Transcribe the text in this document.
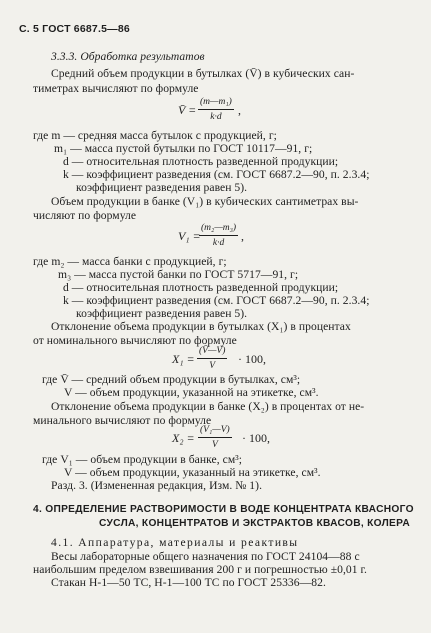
С. 5 ГОСТ 6687.5—86
3.3.3. Обработка результатов
Средний объем продукции в бутылках (V̄) в кубических сан-
тиметрах вычисляют по формуле
V̄ = $\frac{\text{(m—m₁)}}{k\cdot d}$ ,
где m — средняя масса бутылок с продукцией, г;
m₁ — масса пустой бутылки по ГОСТ 10117—91, г;
d — относительная плотность разведенной продукции;
k — коэффициент разведения (см. ГОСТ 6687.2—90, п. 2.3.4;
коэффициент разведения равен 5).
Объем продукции в банке (V₁) в кубических сантиметрах вы-
числяют по формуле
V₁ =
$\frac{\text{(m₂—m₃)}}{k\cdot d}$ ,
где m₂ — масса банки с продукцией, г;
m₃ — масса пустой банки по ГОСТ 5717—91, г;
d — относительная плотность разведенной продукции;
k — коэффициент разведения (см. ГОСТ 6687.2—90, п. 2.3.4;
коэффициент разведения равен 5).
Отклонение объема продукции в бутылках (X₁) в процентах
от номинального вычисляют по формуле
$X_1 = \frac{(V̄—V)}{V} \cdot 100$,
где V̄ — средний объем продукции в бутылках, см³;
V — объем продукции, указанной на этикетке, см³.
Отклонение объема продукции в банке (X₂) в процентах от не-
минального вычисляют по формуле
$X_2 = \frac{\text{(V₁—V)}}{V} \cdot 100$,
где V₁ — объем продукции в банке, см³;
V — объем продукции, указанный на этикетке, см³.
Разд. 3. (Измененная редакция, Изм. № 1).
4. ОПРЕДЕЛЕНИЕ РАСТВОРИМОСТИ В ВОДЕ КОНЦЕНТРАТА КВАСНОГО
СУСЛА, КОНЦЕНТРАТОВ И ЭКСТРАКТОВ КВАСОВ, КОЛЕРА
4.1. Аппаратура, материалы и реактивы
Весы лабораторные общего назначения по ГОСТ 24104—88 с
наибольшим пределом взвешивания 200 г и погрешностью ±0,01 г.
Стакан Н-1—50 ТС, Н-1—100 ТС по ГОСТ 25336—82.
